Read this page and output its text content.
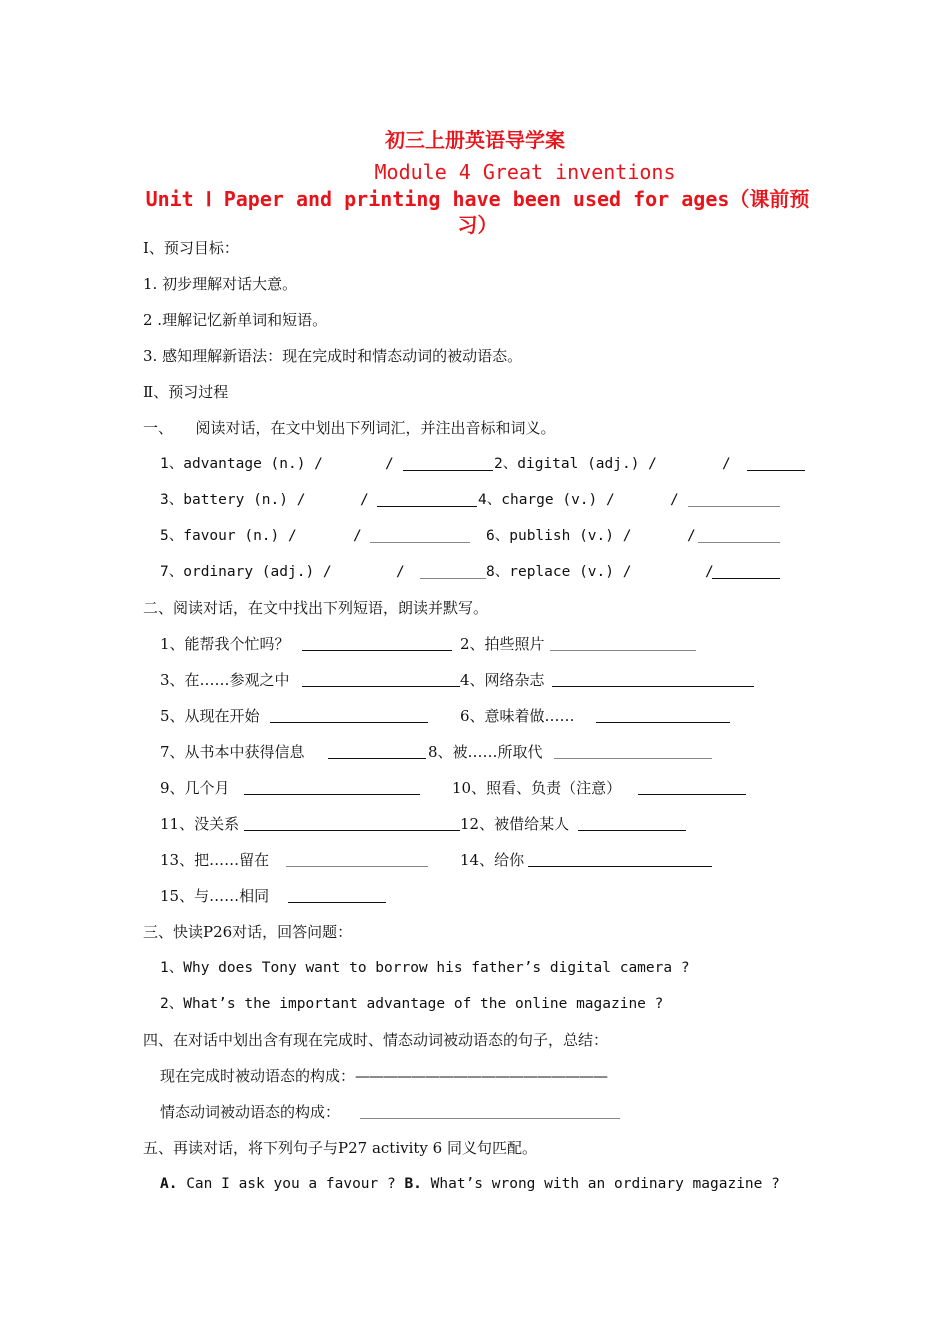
初三上册英语导学案
Module 4 Great inventions
Unit Ⅰ Paper and printing have been used for ages（课前预习）
Ⅰ、预习目标：
1. 初步理解对话大意。
2 .理解记忆新单词和短语。
3. 感知理解新语法：现在完成时和情态动词的被动语态。
Ⅱ、预习过程
一、　　阅读对话，在文中划出下列词汇，并注出音标和词义。
1、advantage (n.) /	/	2、digital (adj.) /	/
3、battery (n.) /	/	4、charge (v.) /	/
5、favour (n.) /	/	6、publish (v.) /	/
7、ordinary (adj.) /	/	8、replace (v.) /	/
二、阅读对话，在文中找出下列短语，朗读并默写。
1、能帮我个忙吗？	2、拍些照片
3、在……参观之中	4、网络杂志
5、从现在开始	6、意味着做……
7、从书本中获得信息	8、被……所取代
9、几个月	10、照看、负责（注意）
11、没关系	12、被借给某人
13、把……留在	14、给你
15、与……相同
三、快读P26对话，回答问题：
1、Why does Tony want to borrow his father’s digital camera ?
2、What’s the important advantage of the online magazine ?
四、在对话中划出含有现在完成时、情态动词被动语态的句子，总结：
现在完成时被动语态的构成：——————————————————
情态动词被动语态的构成：
五、再读对话，将下列句子与P27 activity 6 同义句匹配。
A. Can I ask you a favour ? B. What’s wrong with an ordinary magazine ?
